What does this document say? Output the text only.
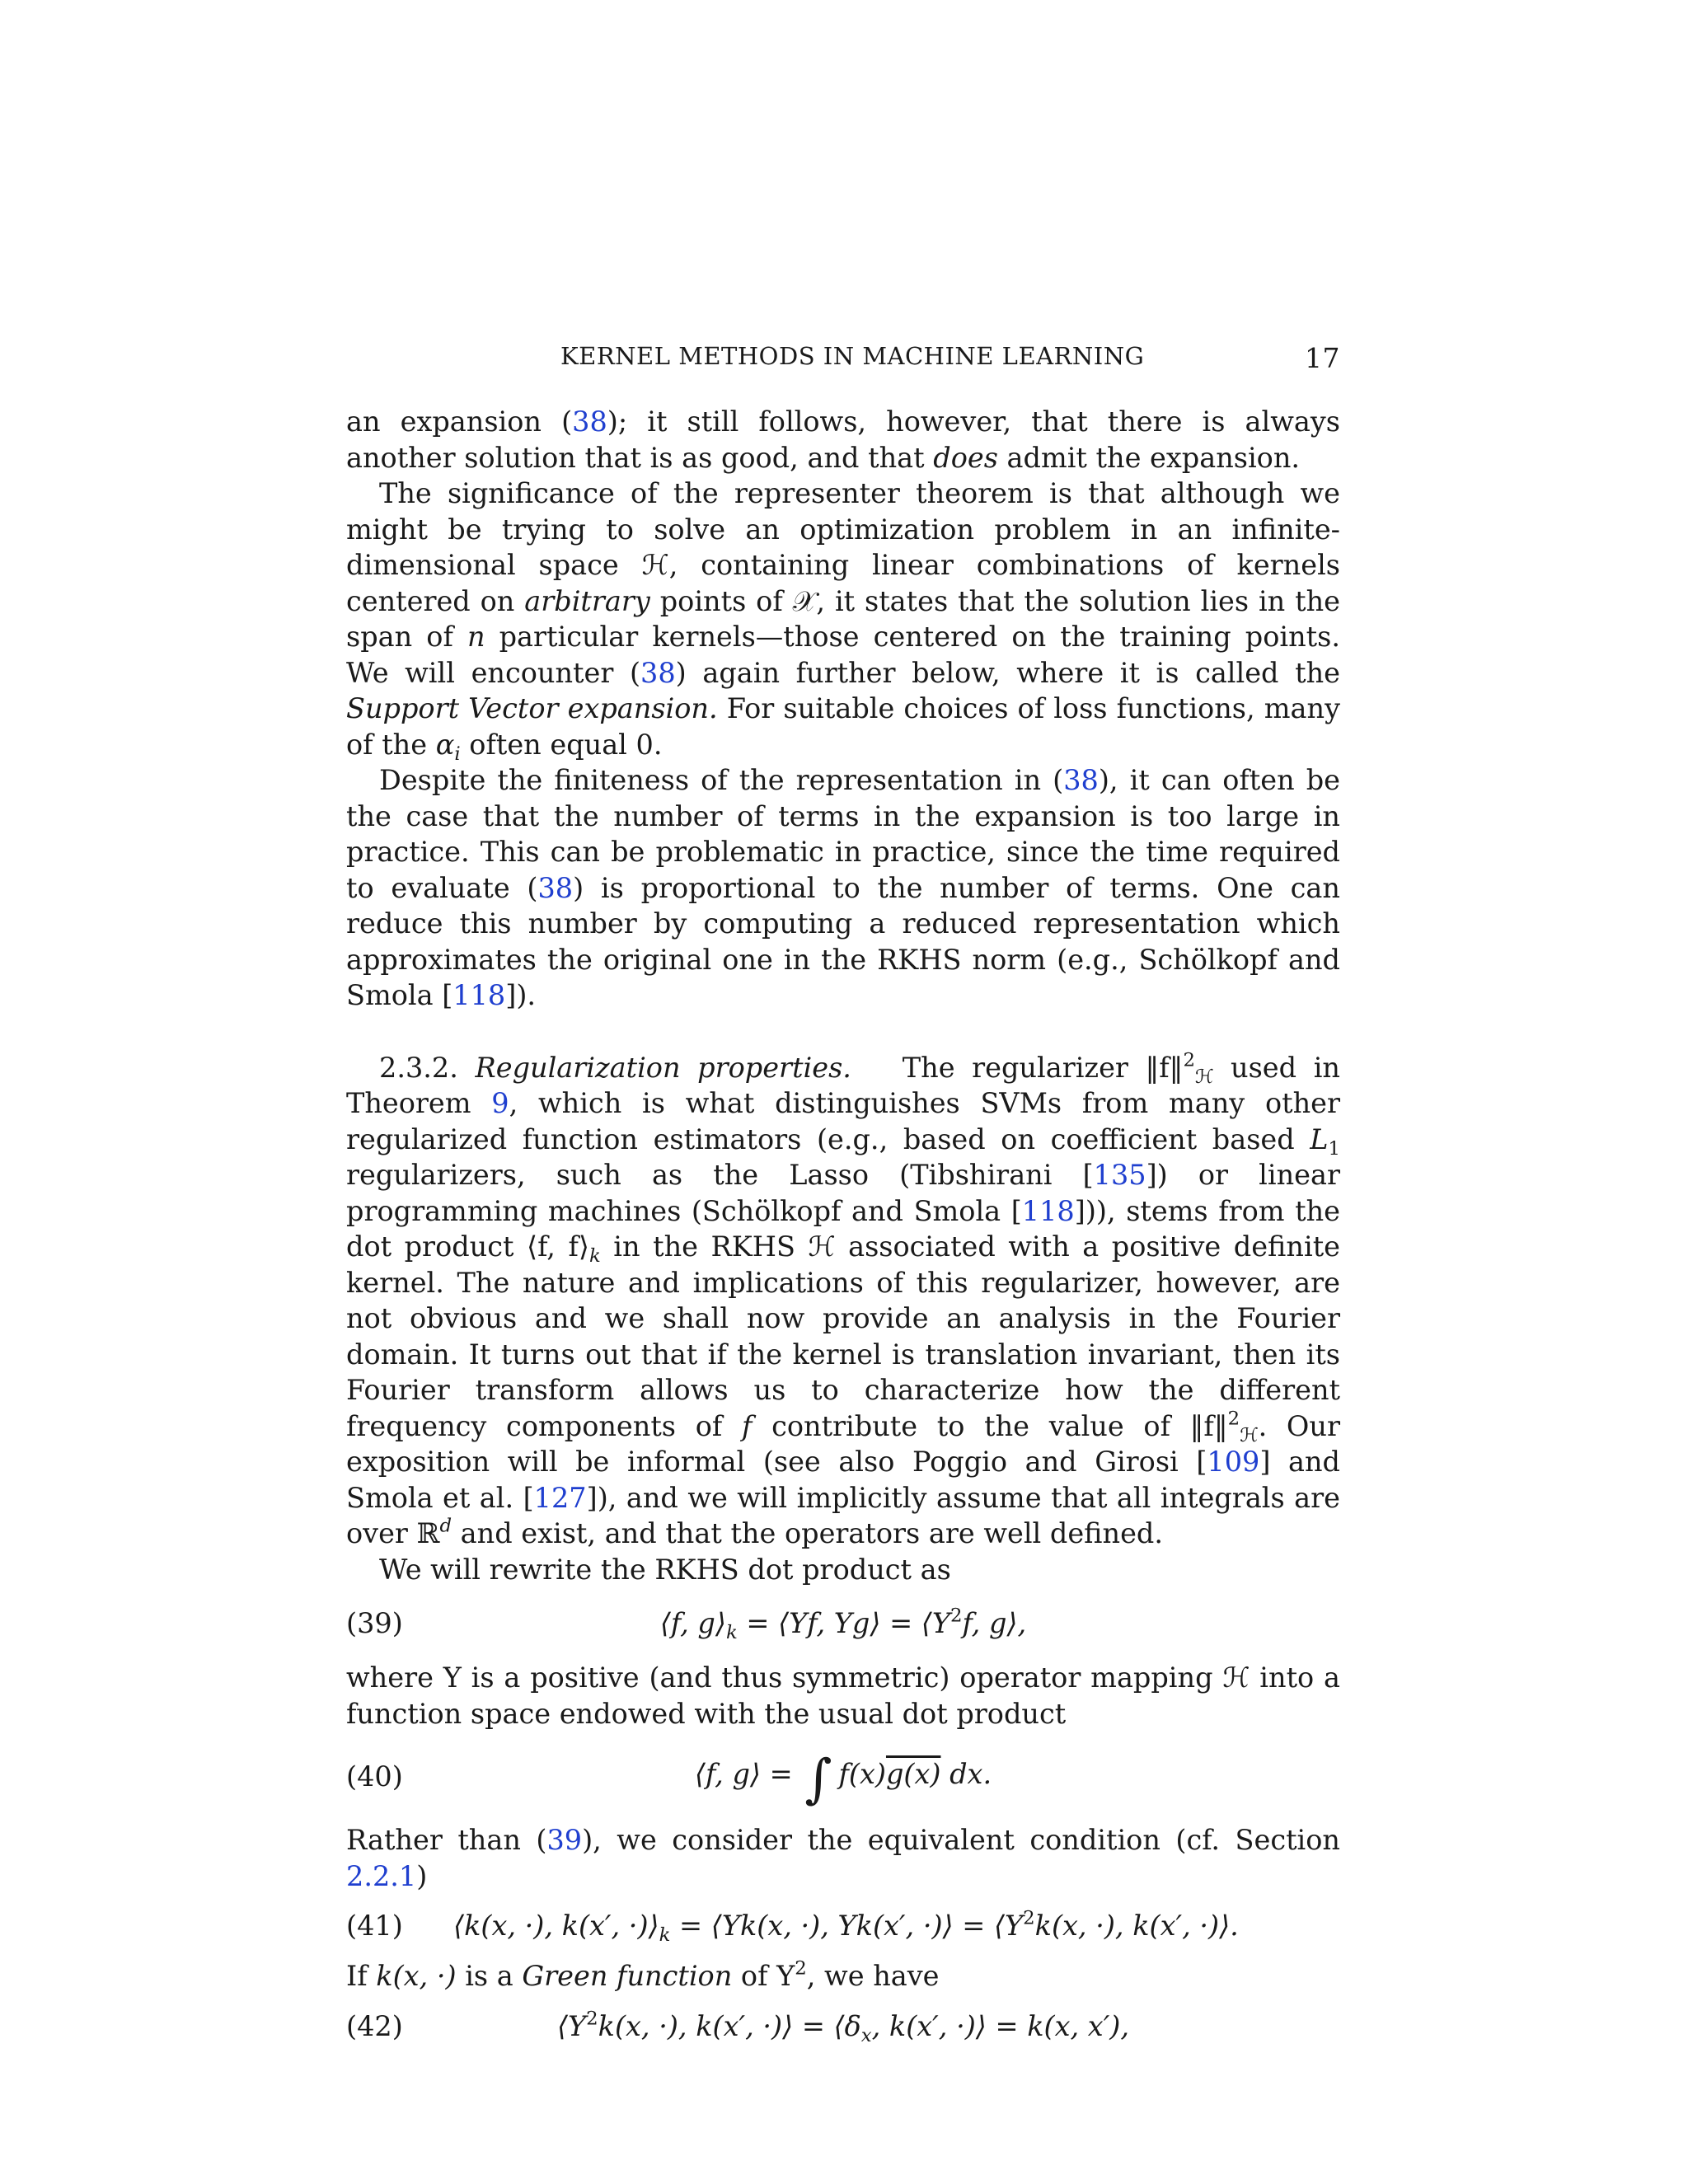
KERNEL METHODS IN MACHINE LEARNING	17

an expansion (38); it still follows, however, that there is always another solution that is as good, and that does admit the expansion.

The significance of the representer theorem is that although we might be trying to solve an optimization problem in an infinite-dimensional space ℋ, containing linear combinations of kernels centered on arbitrary points of 𝒳, it states that the solution lies in the span of n particular kernels—those centered on the training points. We will encounter (38) again further below, where it is called the Support Vector expansion. For suitable choices of loss functions, many of the $\alpha_i$ often equal 0.

Despite the finiteness of the representation in (38), it can often be the case that the number of terms in the expansion is too large in practice. This can be problematic in practice, since the time required to evaluate (38) is proportional to the number of terms. One can reduce this number by computing a reduced representation which approximates the original one in the RKHS norm (e.g., Schölkopf and Smola [118]).

2.3.2. Regularization properties. The regularizer ‖f‖$^2_ℋ$ used in Theorem 9, which is what distinguishes SVMs from many other regularized function estimators (e.g., based on coefficient based $L_1$ regularizers, such as the Lasso (Tibshirani [135]) or linear programming machines (Schölkopf and Smola [118])), stems from the dot product ⟨f, $f⟩_k$ in the RKHS ℋ associated with a positive definite kernel. The nature and implications of this regularizer, however, are not obvious and we shall now provide an analysis in the Fourier domain. It turns out that if the kernel is translation invariant, then its Fourier transform allows us to characterize how the different frequency components of f contribute to the value of ‖f‖$^2_ℋ$. Our exposition will be informal (see also Poggio and Girosi [109] and Smola et al. [127]), and we will implicitly assume that all integrals are over ℝ$^d$ and exist, and that the operators are well defined.

We will rewrite the RKHS dot product as

(39)	⟨f, $g⟩_k$ = ⟨Υf, Υg⟩ = $⟨\Upsilon^2f$, g⟩,

where Υ is a positive (and thus symmetric) operator mapping ℋ into a function space endowed with the usual dot product

(40)	⟨f, g⟩ = ∫ f(x)g(x) dx.

Rather than (39), we consider the equivalent condition (cf. Section 2.2.1)

(41)	⟨k(x, ·), k(x′, $\cdot)⟩_k$ = ⟨Υk(x, ·), Υk(x′, ·)⟩ = $⟨\Upsilon^2k(x$, ·), k(x′, ·)⟩.

If k(x, ·) is a Green function of $\Upsilon^2$, we have

(42)	$⟨\Upsilon^2k(x$, ·), k(x′, ·)⟩ = $⟨\delta_x$, k(x′, ·)⟩ = k(x, x′),
